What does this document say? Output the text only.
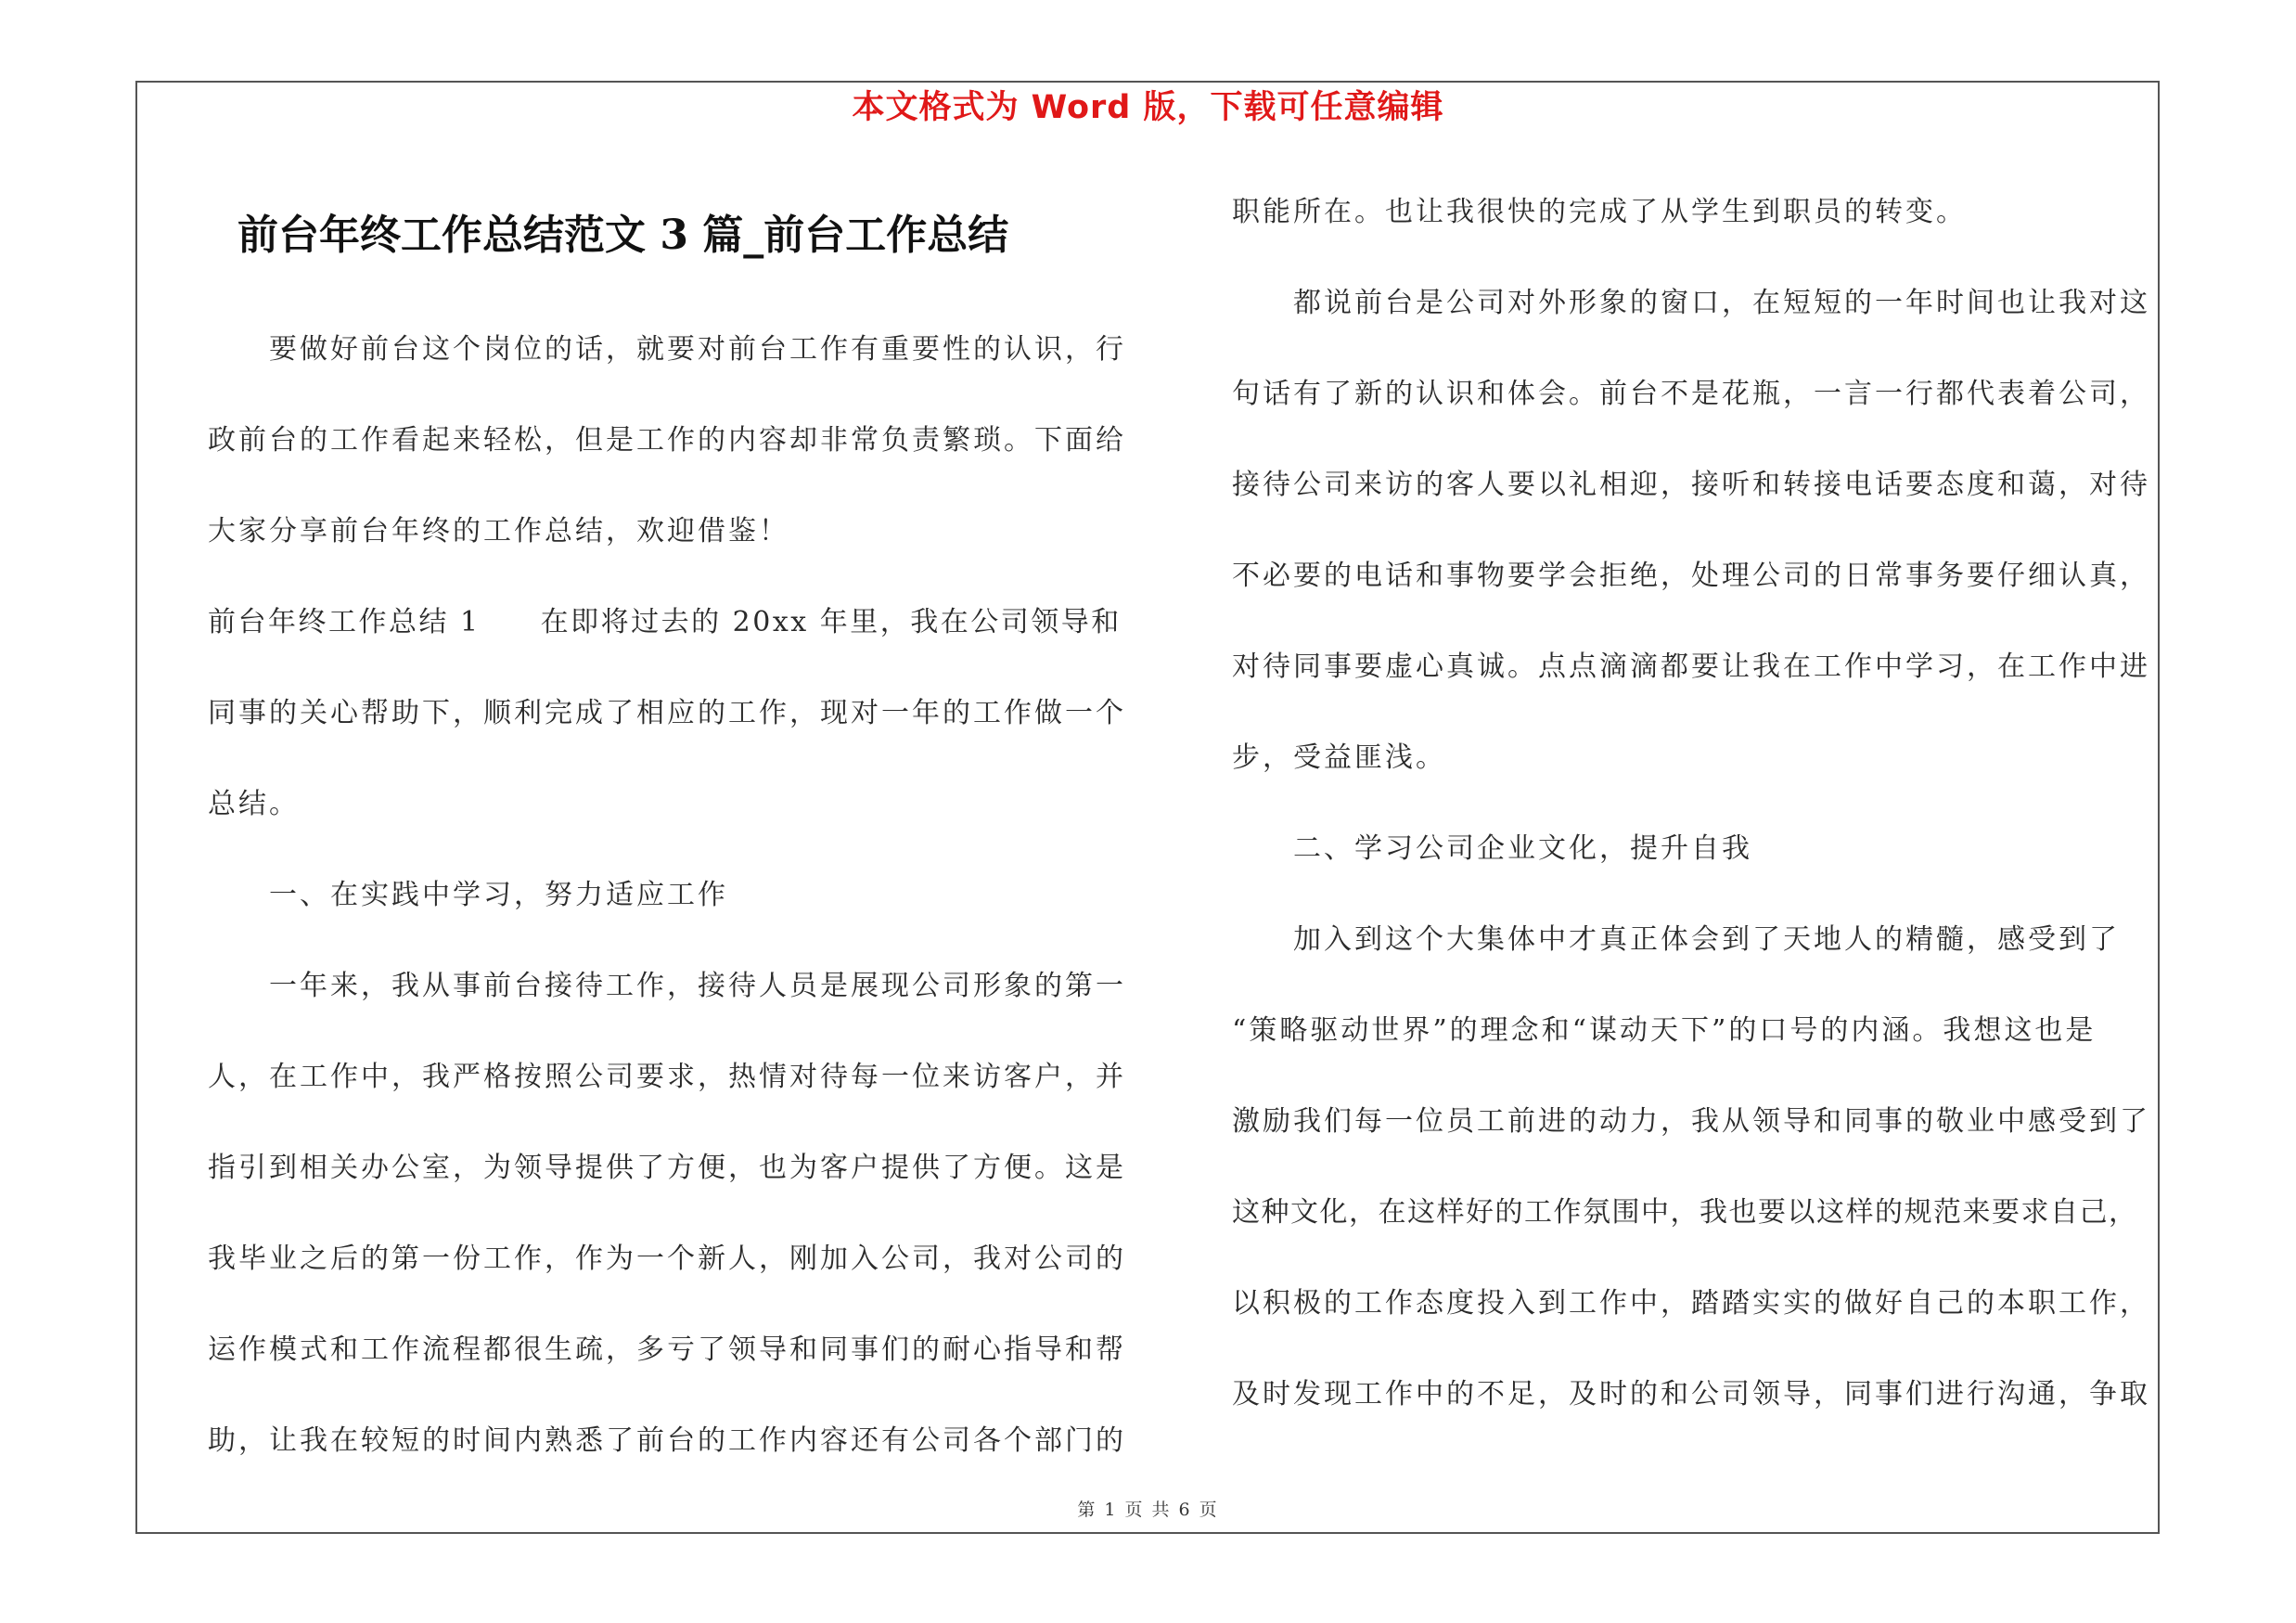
本文格式为 Word 版，下载可任意编辑
前台年终工作总结范文 3 篇_前台工作总结
要做好前台这个岗位的话，就要对前台工作有重要性的认识，行
政前台的工作看起来轻松，但是工作的内容却非常负责繁琐。下面给
大家分享前台年终的工作总结，欢迎借鉴！
前台年终工作总结 1　　在即将过去的 20xx 年里，我在公司领导和
同事的关心帮助下，顺利完成了相应的工作，现对一年的工作做一个
总结。
一、在实践中学习，努力适应工作
一年来，我从事前台接待工作，接待人员是展现公司形象的第一
人，在工作中，我严格按照公司要求，热情对待每一位来访客户，并
指引到相关办公室，为领导提供了方便，也为客户提供了方便。这是
我毕业之后的第一份工作，作为一个新人，刚加入公司，我对公司的
运作模式和工作流程都很生疏，多亏了领导和同事们的耐心指导和帮
助，让我在较短的时间内熟悉了前台的工作内容还有公司各个部门的
职能所在。也让我很快的完成了从学生到职员的转变。
都说前台是公司对外形象的窗口，在短短的一年时间也让我对这
句话有了新的认识和体会。前台不是花瓶，一言一行都代表着公司，
接待公司来访的客人要以礼相迎，接听和转接电话要态度和蔼，对待
不必要的电话和事物要学会拒绝，处理公司的日常事务要仔细认真，
对待同事要虚心真诚。点点滴滴都要让我在工作中学习，在工作中进
步，受益匪浅。
二、学习公司企业文化，提升自我
加入到这个大集体中才真正体会到了天地人的精髓，感受到了
“策略驱动世界”的理念和“谋动天下”的口号的内涵。我想这也是
激励我们每一位员工前进的动力，我从领导和同事的敬业中感受到了
这种文化，在这样好的工作氛围中，我也要以这样的规范来要求自己，
以积极的工作态度投入到工作中，踏踏实实的做好自己的本职工作，
及时发现工作中的不足，及时的和公司领导，同事们进行沟通，争取
第 1 页 共 6 页
